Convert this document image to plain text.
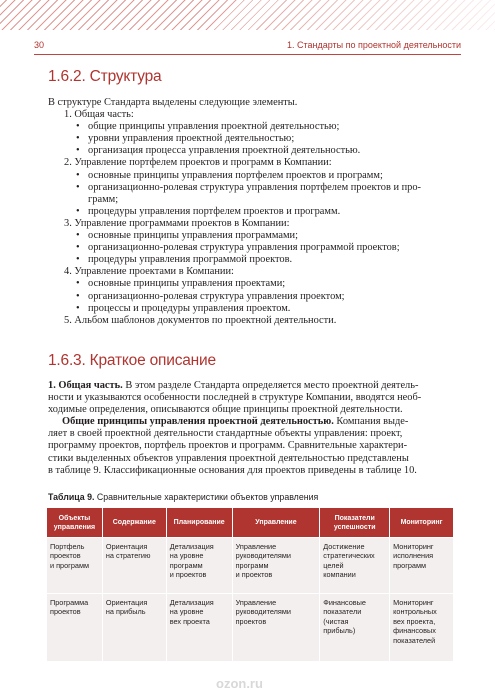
30	1. Стандарты по проектной деятельности
1.6.2. Структура
В структуре Стандарта выделены следующие элементы.
1. Общая часть:
• общие принципы управления проектной деятельностью;
• уровни управления проектной деятельностью;
• организация процесса управления проектной деятельностью.
2. Управление портфелем проектов и программ в Компании:
• основные принципы управления портфелем проектов и программ;
• организационно-ролевая структура управления портфелем проектов и про-
грамм;
• процедуры управления портфелем проектов и программ.
3. Управление программами проектов в Компании:
• основные принципы управления программами;
• организационно-ролевая структура управления программой проектов;
• процедуры управления программой проектов.
4. Управление проектами в Компании:
• основные принципы управления проектами;
• организационно-ролевая структура управления проектом;
• процессы и процедуры управления проектом.
5. Альбом шаблонов документов по проектной деятельности.
1.6.3. Краткое описание
1. Общая часть. В этом разделе Стандарта определяется место проектной деятель-
ности и указываются особенности последней в структуре Компании, вводятся необ-
ходимые определения, описываются общие принципы проектной деятельности.
Общие принципы управления проектной деятельностью. Компания выде-
ляет в своей проектной деятельности стандартные объекты управления: проект,
программу проектов, портфель проектов и программ. Сравнительные характери-
стики выделенных объектов управления проектной деятельностью представлены
в таблице 9. Классификационные основания для проектов приведены в таблице 10.
Таблица 9. Сравнительные характеристики объектов управления
Объекты
управления	Содержание	Планирование	Управление	Показатели
успешности	Мониторинг

Портфель
проектов
и программ	Ориентация
на стратегию	Детализация
на уровне
программ
и проектов	Управление
руководителями
программ
и проектов	Достижение
стратегических
целей
компании	Мониторинг
исполнения
программ

Программа
проектов	Ориентация
на прибыль	Детализация
на уровне
вех проекта	Управление
руководителями
проектов	Финансовые
показатели
(чистая
прибыль)	Мониторинг
контрольных
вех проекта,
финансовых
показателей
ozon.ru
